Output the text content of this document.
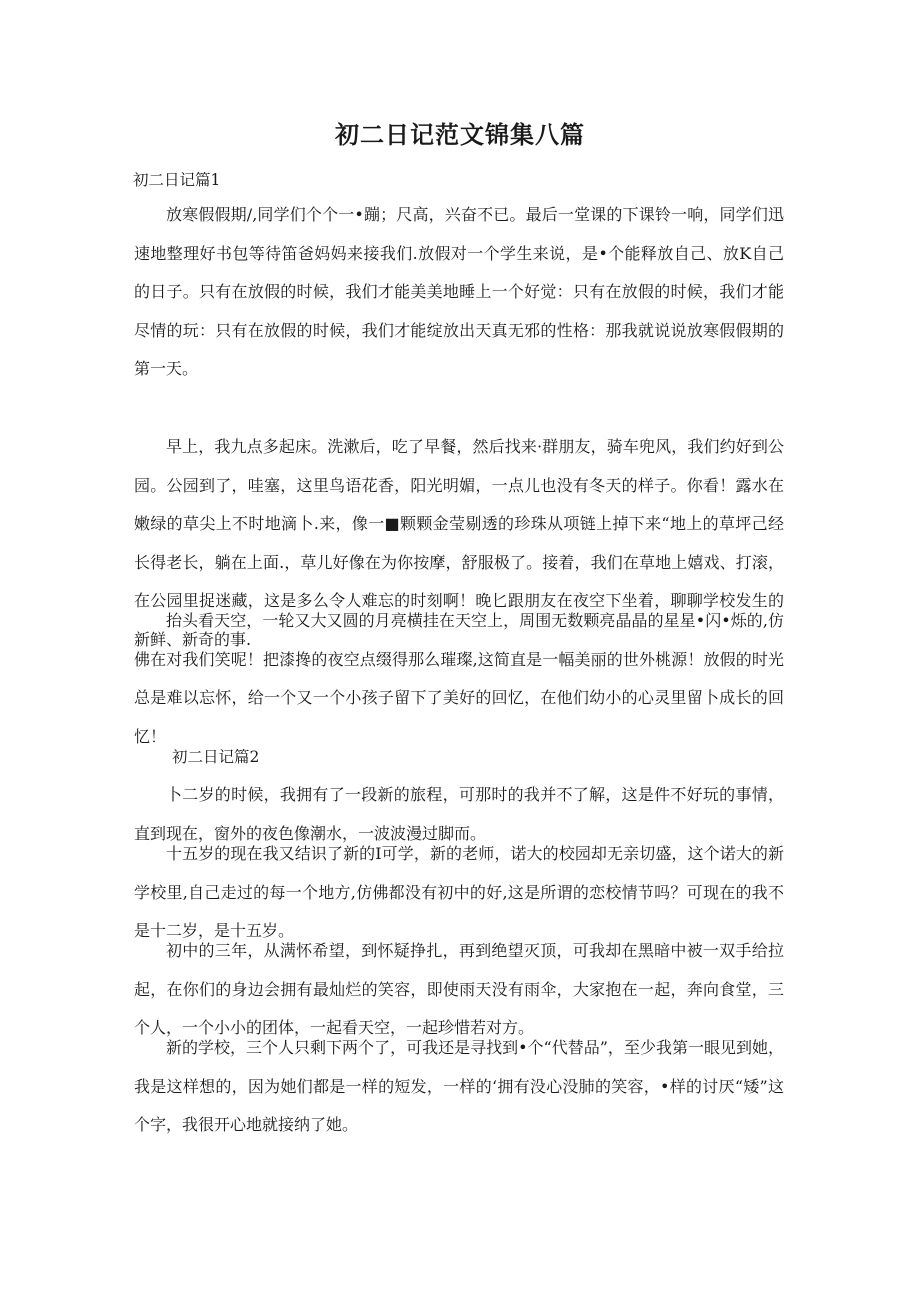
初二日记范文锦集八篇

初二日记篇1

放寒假假期/,同学们个个一•蹦；尺高，兴奋不已。最后一堂课的下课铃一响，同学们迅速地整理好书包等待笛爸妈妈来接我们.放假对一个学生来说，是•个能释放自己、放K自己的日子。只有在放假的时候，我们才能美美地睡上一个好觉：只有在放假的时候，我们才能尽情的玩：只有在放假的时候，我们才能绽放出天真无邪的性格：那我就说说放寒假假期的第一天。

早上，我九点多起床。洗漱后，吃了早餐，然后找来·群朋友，骑车兜风，我们约好到公园。公园到了，哇塞，这里鸟语花香，阳光明媚，一点儿也没有冬天的样子。你看！露水在嫩绿的草尖上不时地滴卜.来，像一■颗颗金莹剔透的珍珠从项链上掉下来“地上的草坪己经长得老长，躺在上面.，草儿好像在为你按摩，舒服极了。接着，我们在草地上嬉戏、打滚，在公园里捉迷藏，这是多么令人难忘的时刻啊！晚匕跟朋友在夜空下坐着，聊聊学校发生的新鲜、新奇的事.

抬头看天空，一轮又大又圆的月亮横挂在天空上，周围无数颗亮晶晶的星星•闪•烁的,仿佛在对我们笑呢！把漆搀的夜空点缀得那么璀璨,这简直是一幅美丽的世外桃源！放假的时光总是难以忘怀，给一个又一个小孩子留下了美好的回忆，在他们幼小的心灵里留卜成长的回忆！

初二日记篇2

卜二岁的时候，我拥有了一段新的旅程，可那时的我并不了解，这是件不好玩的事情，直到现在，窗外的夜色像潮水，一波波漫过脚而。

十五岁的现在我又结识了新的I可学，新的老师，诺大的校园却无亲切盛，这个诺大的新学校里,自己走过的每一个地方,仿佛都没有初中的好,这是所谓的恋校情节吗？可现在的我不是十二岁，是十五岁。

初中的三年，从满怀希望，到怀疑挣扎，再到绝望灭顶，可我却在黑暗中被一双手给拉起，在你们的身边会拥有最灿烂的笑容，即使雨天没有雨伞，大家抱在一起，奔向食堂，三个人，一个小小的团体，一起看天空，一起珍惜若对方。

新的学校，三个人只剩下两个了，可我还是寻找到•个“代替品”，至少我第一眼见到她，我是这样想的，因为她们都是一样的短发，一样的‘拥有没心没肺的笑容，•样的讨厌“矮”这个字，我很开心地就接纳了她。
